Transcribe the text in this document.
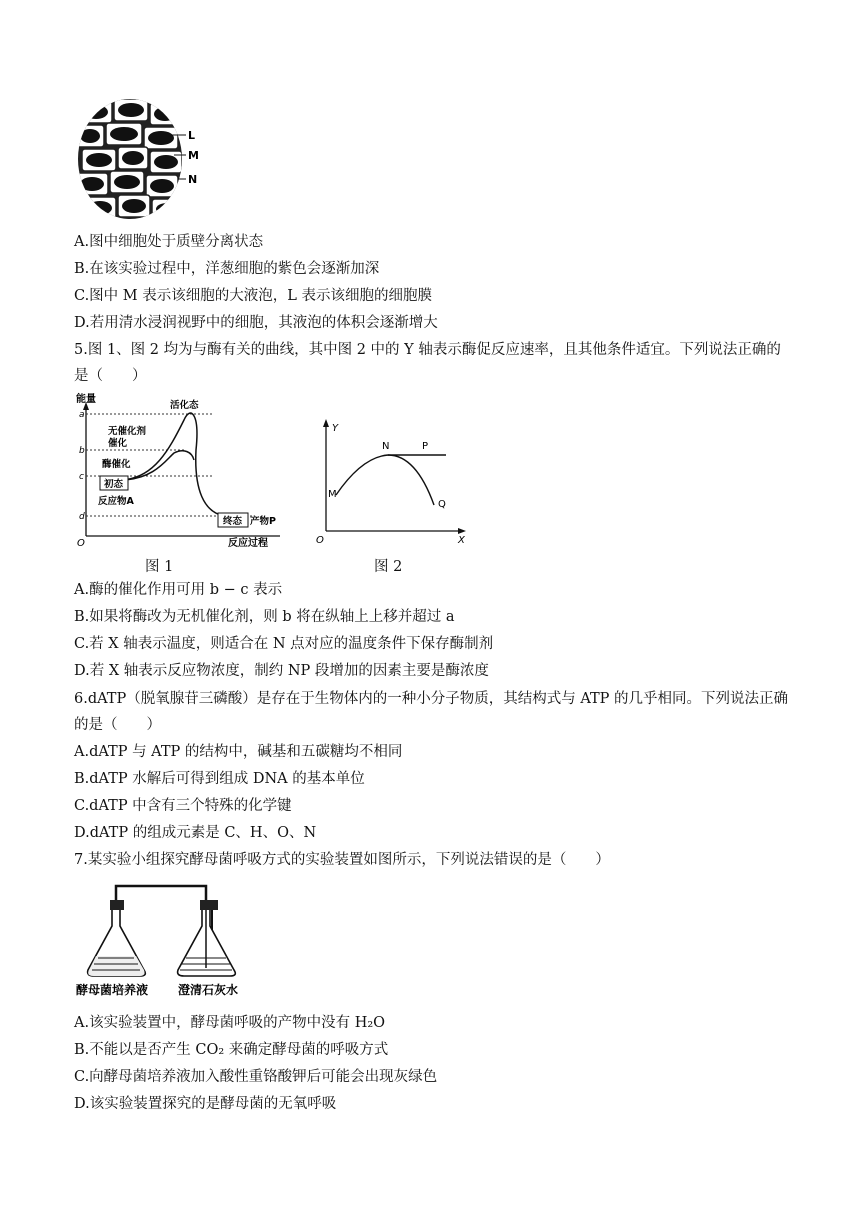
L
M
N
A.图中细胞处于质壁分离状态
B.在该实验过程中，洋葱细胞的紫色会逐渐加深
C.图中 M 表示该细胞的大液泡，L 表示该细胞的细胞膜
D.若用清水浸润视野中的细胞，其液泡的体积会逐渐增大
5.图 1、图 2 均为与酶有关的曲线，其中图 2 中的 Y 轴表示酶促反应速率，且其他条件适宜。下列说法正确的是（　　）
能量
O	反应过程
a
b
c
d
活化态
无催化剂
催化
酶催化
初态
反应物A
终态 产物P
图 1
Y
X
O
M
N	P
Q
图 2
A.酶的催化作用可用 b − c 表示
B.如果将酶改为无机催化剂，则 b 将在纵轴上上移并超过 a
C.若 X 轴表示温度，则适合在 N 点对应的温度条件下保存酶制剂
D.若 X 轴表示反应物浓度，制约 NP 段增加的因素主要是酶浓度
6.dATP（脱氧腺苷三磷酸）是存在于生物体内的一种小分子物质，其结构式与 ATP 的几乎相同。下列说法正确的是（　　）
A.dATP 与 ATP 的结构中，碱基和五碳糖均不相同
B.dATP 水解后可得到组成 DNA 的基本单位
C.dATP 中含有三个特殊的化学键
D.dATP 的组成元素是 C、H、O、N
7.某实验小组探究酵母菌呼吸方式的实验装置如图所示，下列说法错误的是（　　）
酵母菌培养液 澄清石灰水
A.该实验装置中，酵母菌呼吸的产物中没有 H₂O
B.不能以是否产生 CO₂ 来确定酵母菌的呼吸方式
C.向酵母菌培养液加入酸性重铬酸钾后可能会出现灰绿色
D.该实验装置探究的是酵母菌的无氧呼吸
